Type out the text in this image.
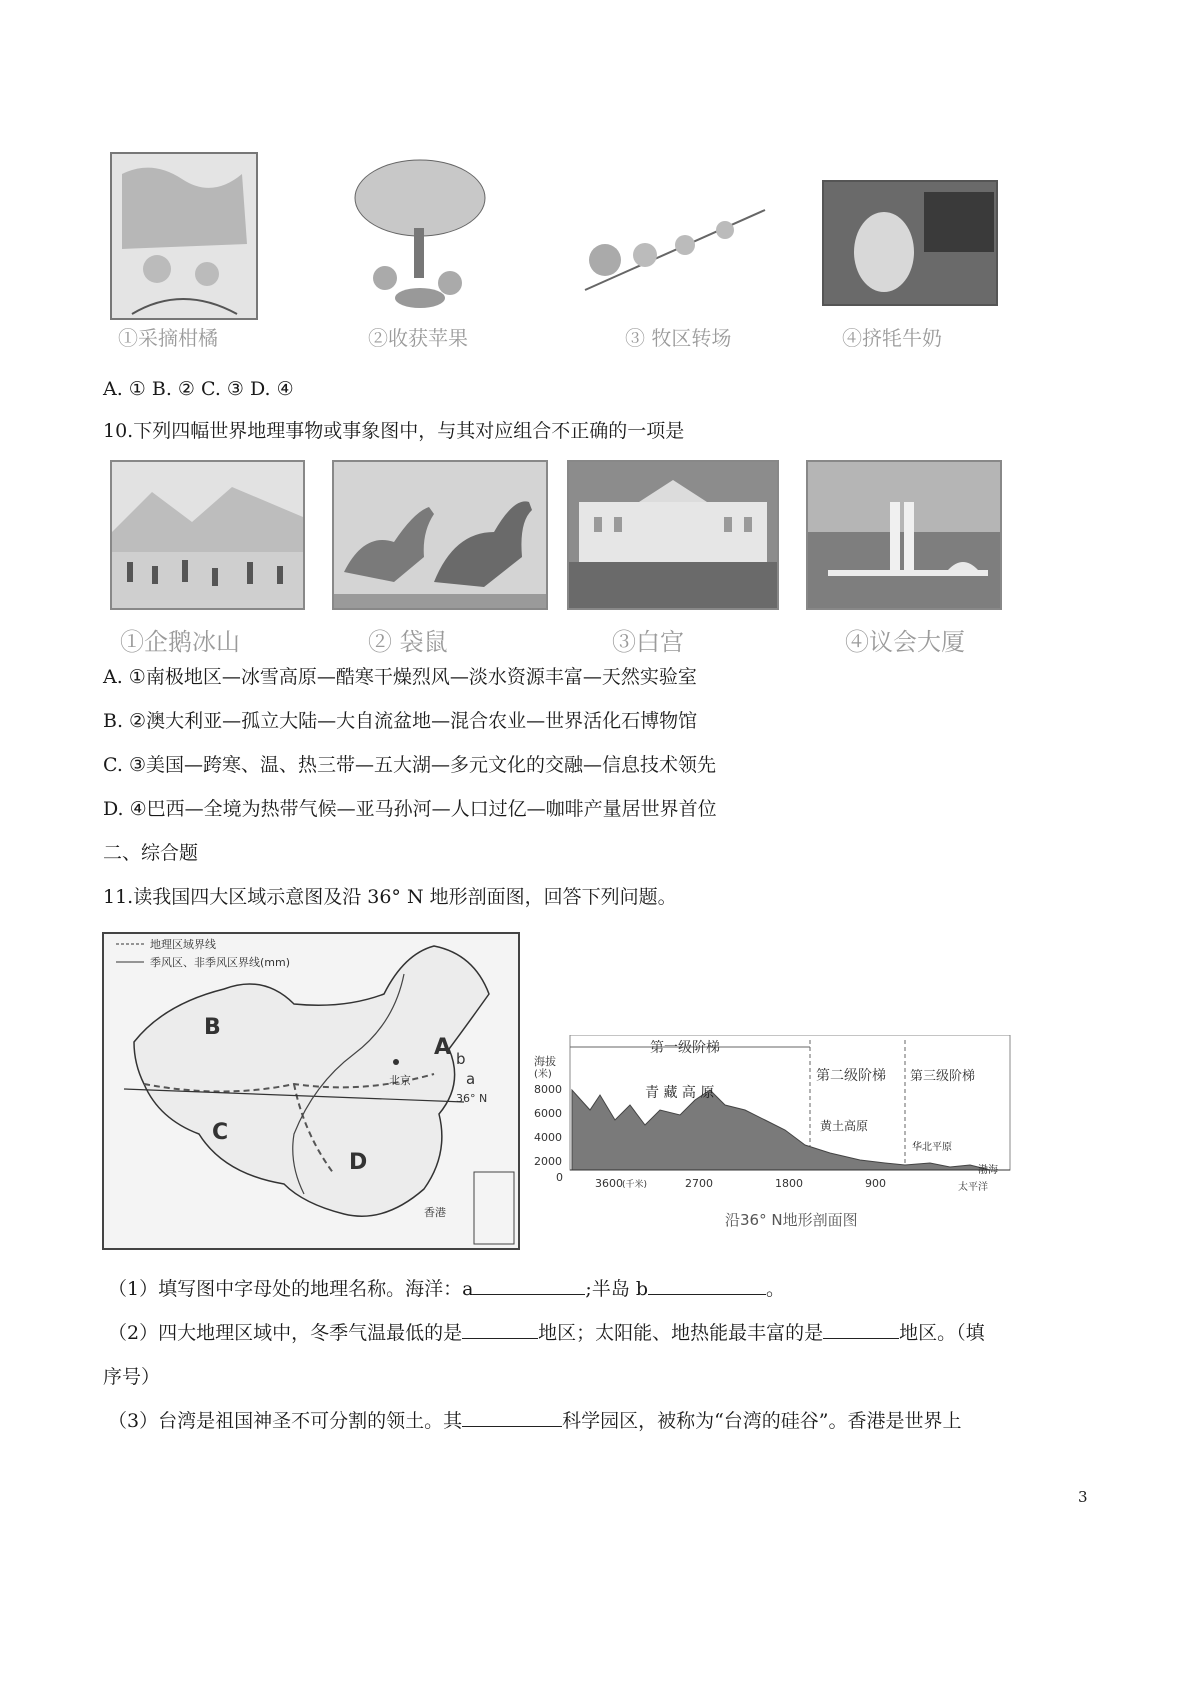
①采摘柑橘	②收获苹果	③ 牧区转场	④挤牦牛奶
A. ① B. ② C. ③ D. ④
10.下列四幅世界地理事物或事象图中，与其对应组合不正确的一项是
①企鹅冰山	② 袋鼠	③白宫	④议会大厦
A. ①南极地区—冰雪高原—酷寒干燥烈风—淡水资源丰富—天然实验室
B. ②澳大利亚—孤立大陆—大自流盆地—混合农业—世界活化石博物馆
C. ③美国—跨寒、温、热三带—五大湖—多元文化的交融—信息技术领先
D. ④巴西—全境为热带气候—亚马孙河—人口过亿—咖啡产量居世界首位
二、综合题
11.读我国四大区域示意图及沿 36° N 地形剖面图，回答下列问题。
地理区域界线
季风区、非季风区界线(mm)
B
C
A
D
a
b
36° N
北京
香港
第一级阶梯
第二级阶梯 第三级阶梯
海拔
(米)
8000
6000
4000
2000
0
青 藏 高 原
黄土高原
华北平原
渤海
3600	2700	1800	900
(千米)	太平洋
沿36° N地形剖面图
（1）填写图中字母处的地理名称。海洋：a	;半岛 b	。
（2）四大地理区域中，冬季气温最低的是	地区；太阳能、地热能最丰富的是	地区。（填
序号）
（3）台湾是祖国神圣不可分割的领土。其	科学园区，被称为“台湾的硅谷”。香港是世界上
3
